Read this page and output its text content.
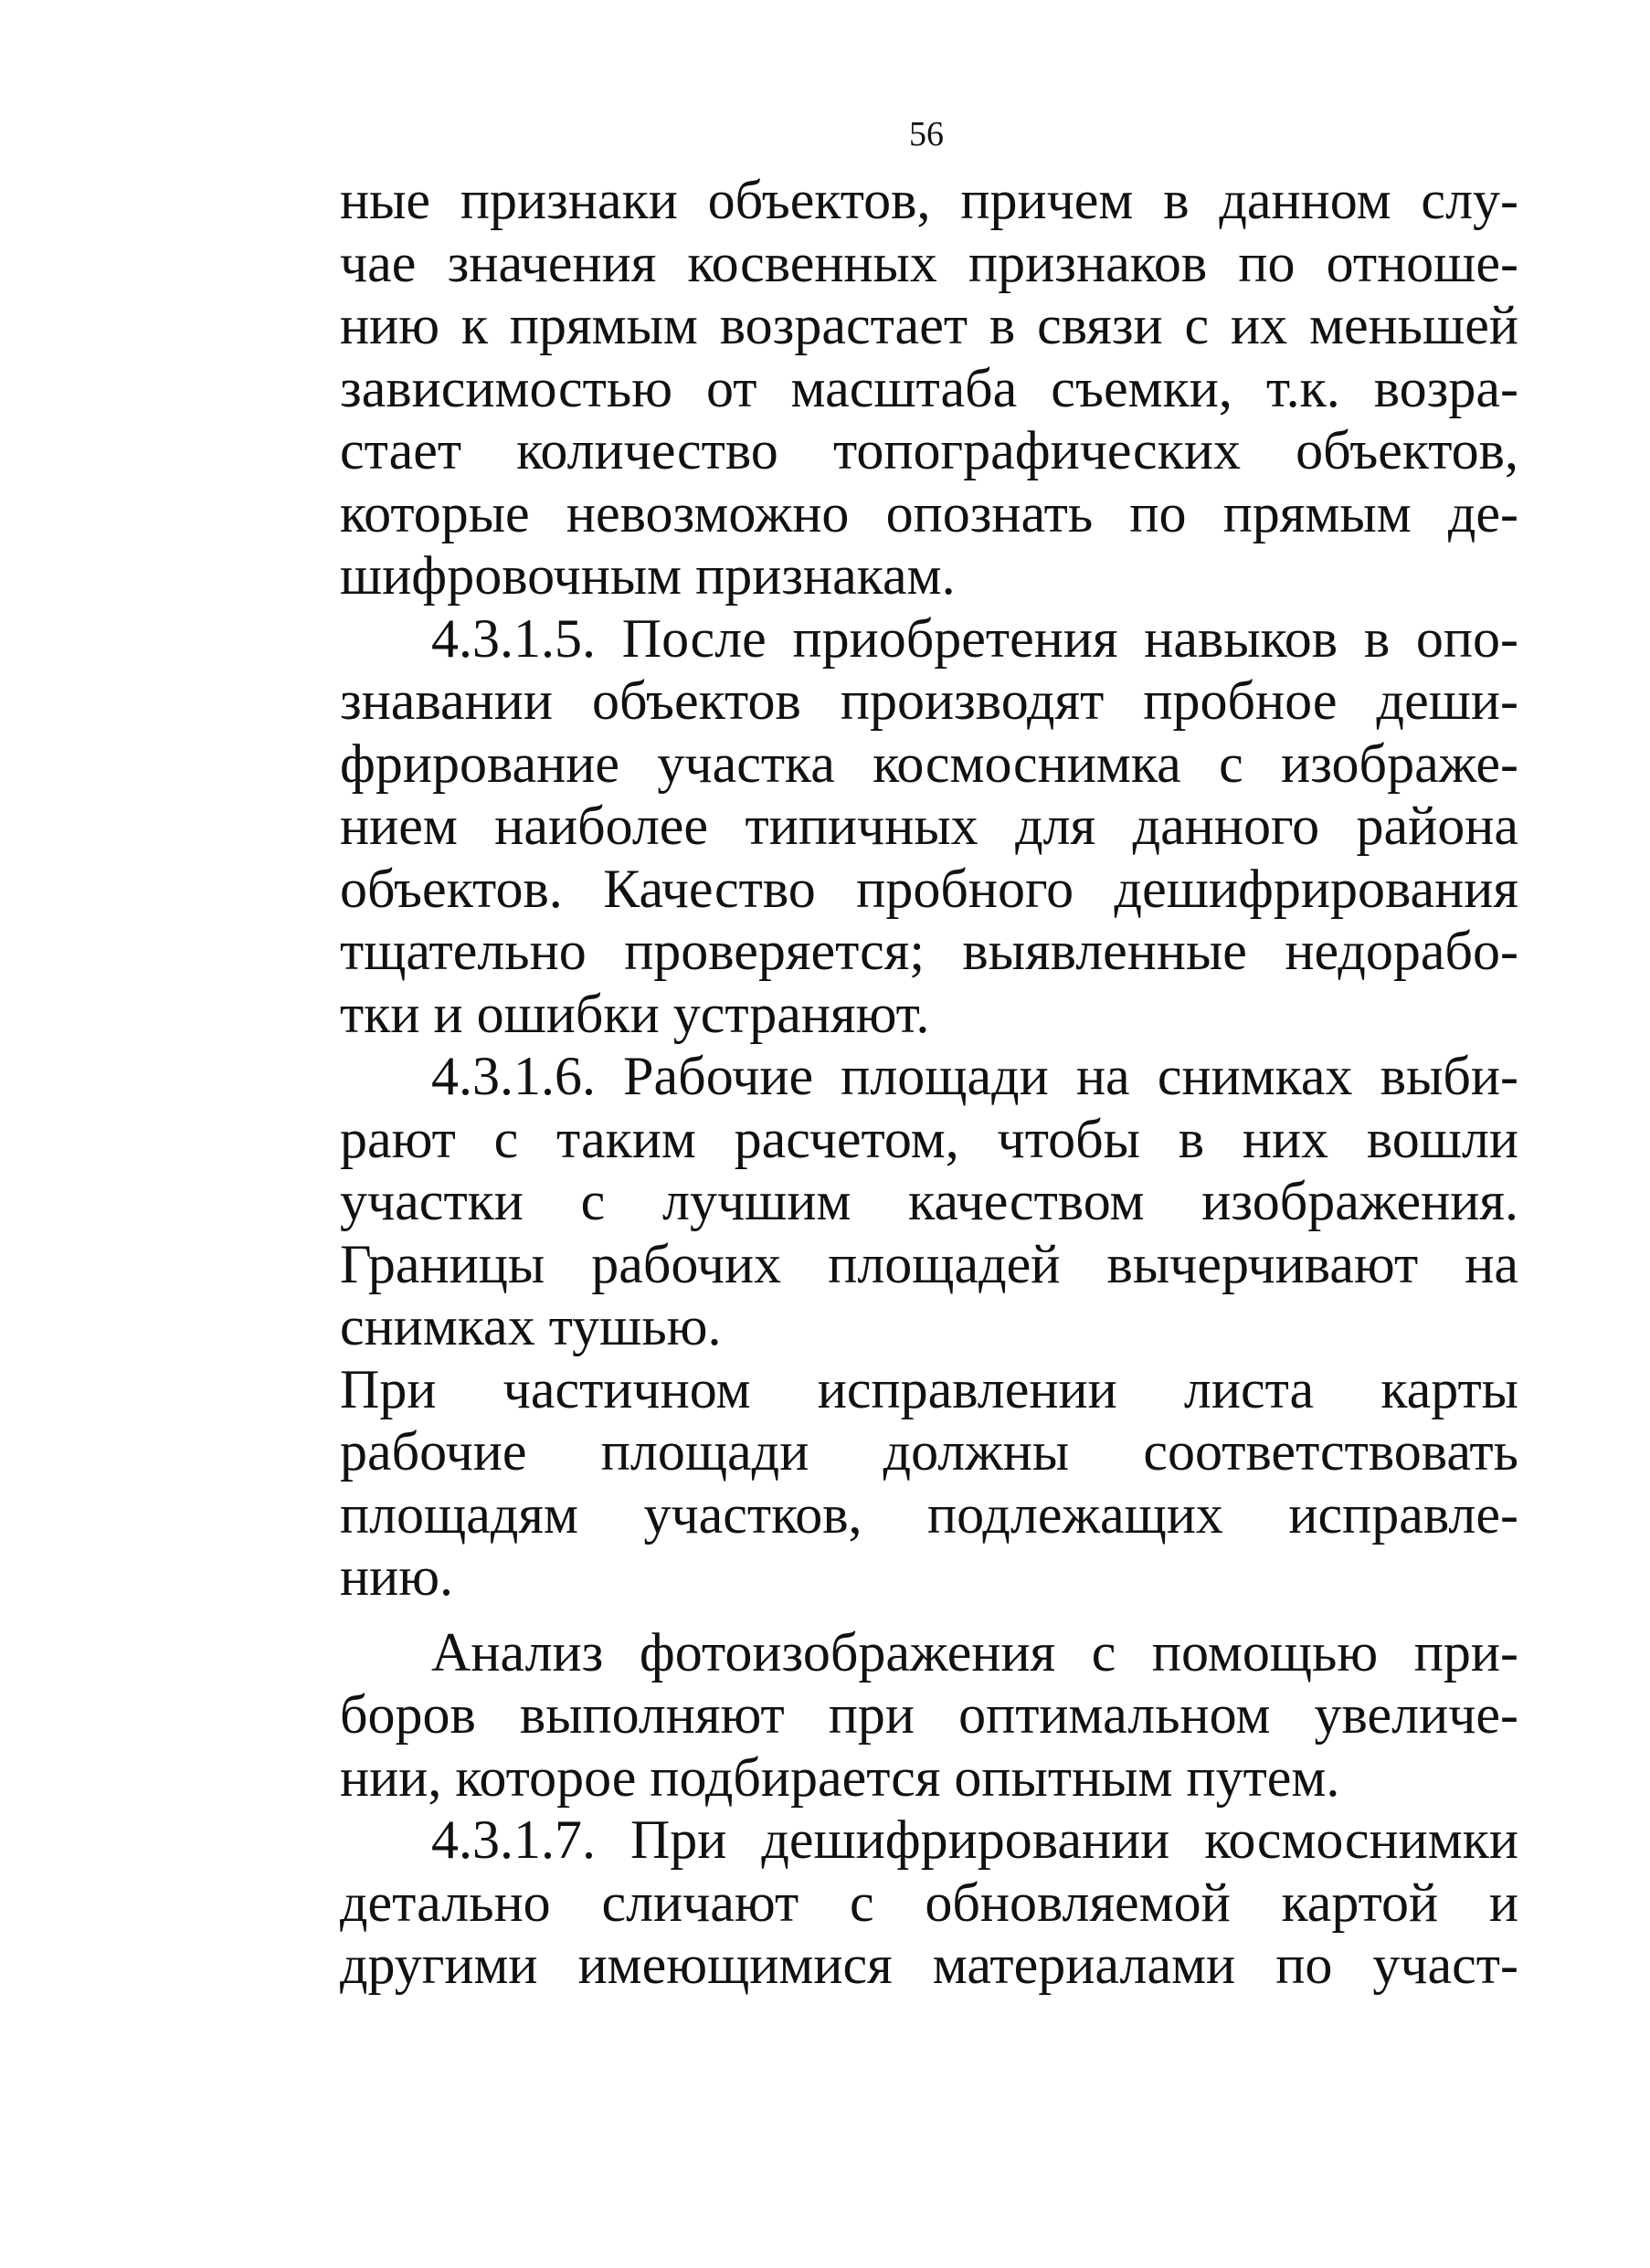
56
ные признаки объектов, причем в данном слу-
чае значения косвенных признаков по отноше-
нию к прямым возрастает в связи с их меньшей
зависимостью от масштаба съемки, т.к. возра-
стает количество топографических объектов,
которые невозможно опознать по прямым де-
шифровочным признакам.
4.3.1.5. После приобретения навыков в опо-
знавании объектов производят пробное деши-
фрирование участка космоснимка с изображе-
нием наиболее типичных для данного района
объектов. Качество пробного дешифрирования
тщательно проверяется; выявленные недорабо-
тки и ошибки устраняют.
4.3.1.6. Рабочие площади на снимках выби-
рают с таким расчетом, чтобы в них вошли
участки с лучшим качеством изображения.
Границы рабочих площадей вычерчивают на
снимках тушью.
При частичном исправлении листа карты
рабочие площади должны соответствовать
площадям участков, подлежащих исправле-
нию.
Анализ фотоизображения с помощью при-
боров выполняют при оптимальном увеличе-
нии, которое подбирается опытным путем.
4.3.1.7. При дешифрировании космоснимки
детально сличают с обновляемой картой и
другими имеющимися материалами по участ-
